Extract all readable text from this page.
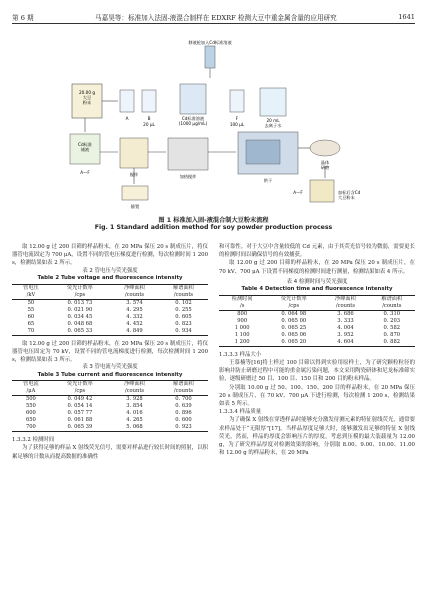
第 6 期	马嘉昊等：标准加入法固-液混合制样在 EDXRF 检测大豆中重金属含量的应用研究	1641
移液枪加入Cd标准溶液
20.00 g 大豆粉末
A	B
20 μL
Cd标准溶液(1000 μg/mL)
F
100 μL
20 mL 去离子水
Cd标准储液
A—F	搅拌	加热搅拌
烘干
晶体研磨
静置
A—F	加标后含Cd 大豆粉末
图 1 标准加入固-液混合制大豆粉末流程
Fig. 1 Standard addition method for soy powder production process

取 12.00 g 过 200 目筛的样品粉末，在 20 MPa 保压 20 s 制成压片，将仪器管电流固定为 700 μA，设置不同的管电压梯度进行检测，每次检测时间 1 200 s，检测结果如表 2 所示。

表 2 管电压与荧光强度
Table 2 Tube voltage and fluorescence intensity
管电压
/kV	荧光计数率
/cps	净峰面积
/counts	解谱面积
/counts
50	0. 013 73	3. 574	0. 102
55	0. 021 90	4. 295	0. 255
60	0. 034 45	4. 332	0. 605
65	0. 048 68	4. 452	0. 823
70	0. 065 33	4. 849	0. 934

取 12.00 g 过 200 目筛的样品粉末，在 20 MPa 保压 20 s 制成压片，将仪器管电压固定为 70 kV，设置不同的管电流梯度进行检测，每次检测时间 1 200 s，检测结果如表 3 所示。

表 3 管电流与荧光强度
Table 3 Tube current and fluorescence intensity
管电流
/μA	荧光计数率
/cps	净峰面积
/counts	解谱面积
/counts
500	0. 049 42	3. 928	0. 700
550	0. 054 14	3. 854	0. 639
600	0. 057 77	4. 016	0. 896
650	0. 061 88	4. 265	0. 600
700	0. 065 39	5. 068	0. 923
1.3.3.2 检测时间

为了获得足够的样品 X 射线荧光信号，需要对样品进行较长时间的照射，以积累足够的计数从而提高数据的准确性

和可靠性。对于大豆中含量较低的 Cd 元素，由于其荧光信号较为微弱，需要更长的检测时间以确保信号的有效捕获。

取 12.00 g 过 200 目筛的样品粉末，在 20 MPa 保压 20 s 制成压片，在 70 kV、700 μA 下设置不同梯度的检测时间进行测量，检测结果如表 4 所示。

表 4 检测时间与荧光强度
Table 4 Detection time and fluorescence intensity
检测时间
/s	荧光计数率
/cps	净峰面积
/counts	解谱面积
/counts
800	0. 064 98	3. 686	0. 310
900	0. 065 00	3. 333	0. 203
1 000	0. 065 25	4. 004	0. 582
1 100	0. 065 06	3. 952	0. 870
1 200	0. 065 20	4. 604	0. 882
1.3.3.3 样品大小

王慕楠等[16]将土样过 100 目筛以得到实验用原样土，为了研究颗粒粒径的影响并防止研磨过程中可能的重金属污染问题，本文采用陶瓷研钵和尼龙标准筛实验，逐级研磨过 50 目、100 目、150 目和 200 目的粉末样品。

分别取 10.00 g 过 50、100、150、200 目的样品粉末，在 20 MPa 保压 20 s 制成压片，在 70 kV、700 μA 下进行检测，每次检测 1 200 s，检测结果如表 5 所示。

1.3.3.4 样品质量

为了确保 X 射线在穿透样品时能够充分激发待测元素的特征射线荧光，通常要求样品处于“无限厚”[17]，当样品厚度足够大时，能够激发出足够的特征 X 射线荧光，然而，样品的厚度会影响压片的厚度。考虑到压模的最大装载量为 12.00 g，为了研究样品厚度对检测效果的影响，分别取 8.00、9.00、10.00、11.00 和 12.00 g 的样品粉末，在 20 MPa
